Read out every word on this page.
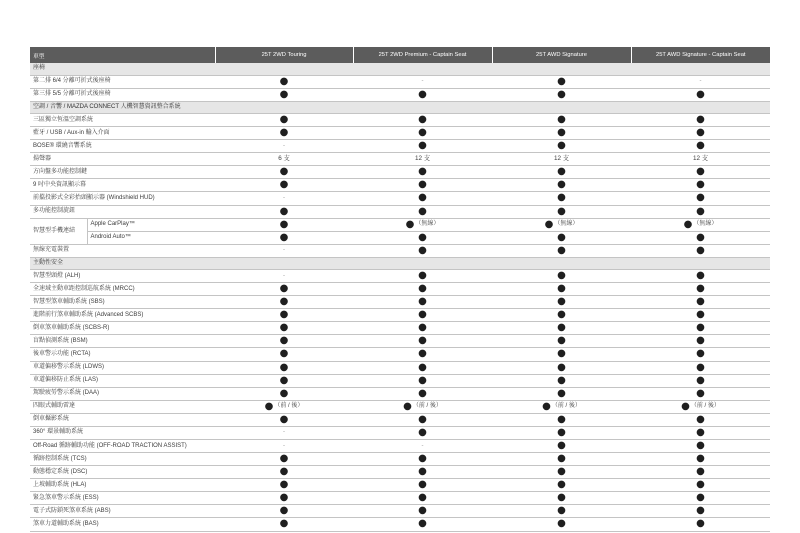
車型		25T 2WD Touring	25T 2WD Premium - Captain Seat	25T AWD Signature	25T AWD Signature - Captain Seat
座椅					
第二排 6/4 分離可折式後座椅		●	-	●	-
第三排 5/5 分離可折式後座椅		●	●	●	●
空調 / 音響 / MAZDA CONNECT 人機智慧資訊整合系統					
三區獨立恆溫空調系統		●	●	●	●
藍牙 / USB / Aux-in 輸入介面		●	●	●	●
BOSE® 環繞音響系統		-	●	●	●
揚聲器		6 支	12 支	12 支	12 支
方向盤多功能控制鍵		●	●	●	●
9 吋中央資訊顯示幕		●	●	●	●
前擋投影式全彩抬頭顯示器 (Windshield HUD)		-	●	●	●
多功能控制旋鈕		●	●	●	●
智慧型手機連結	Apple CarPlay™	●	●（無線）	●（無線）	●（無線）
	Android Auto™	●	●	●	●
無線充電裝置		-	●	●	●
主動性安全					
智慧型頭燈 (ALH)		-	●	●	●
全速域主動車距控制巡航系統 (MRCC)		●	●	●	●
智慧型煞車輔助系統 (SBS)		●	●	●	●
進階前行煞車輔助系統 (Advanced SCBS)		●	●	●	●
倒車煞車輔助系統 (SCBS-R)		●	●	●	●
盲點偵測系統 (BSM)		●	●	●	●
後車警示功能 (RCTA)		●	●	●	●
車道偏移警示系統 (LDWS)		●	●	●	●
車道偏移防止系統 (LAS)		●	●	●	●
駕駛疲勞警示系統 (DAA)		●	●	●	●
四眼式輔助雷達		●（前 / 後）	●（前 / 後）	●（前 / 後）	●（前 / 後）
倒車攝影系統		●	●	●	●
360° 環景輔助系統		-	●	●	●
Off-Road 循跡輔助功能 (OFF-ROAD TRACTION ASSIST)		-	-	●	●
循跡控制系統 (TCS)		●	●	●	●
動態穩定系統 (DSC)		●	●	●	●
上坡輔助系統 (HLA)		●	●	●	●
緊急煞車警示系統 (ESS)		●	●	●	●
電子式防鎖死煞車系統 (ABS)		●	●	●	●
煞車力道輔助系統 (BAS)		●	●	●	●
